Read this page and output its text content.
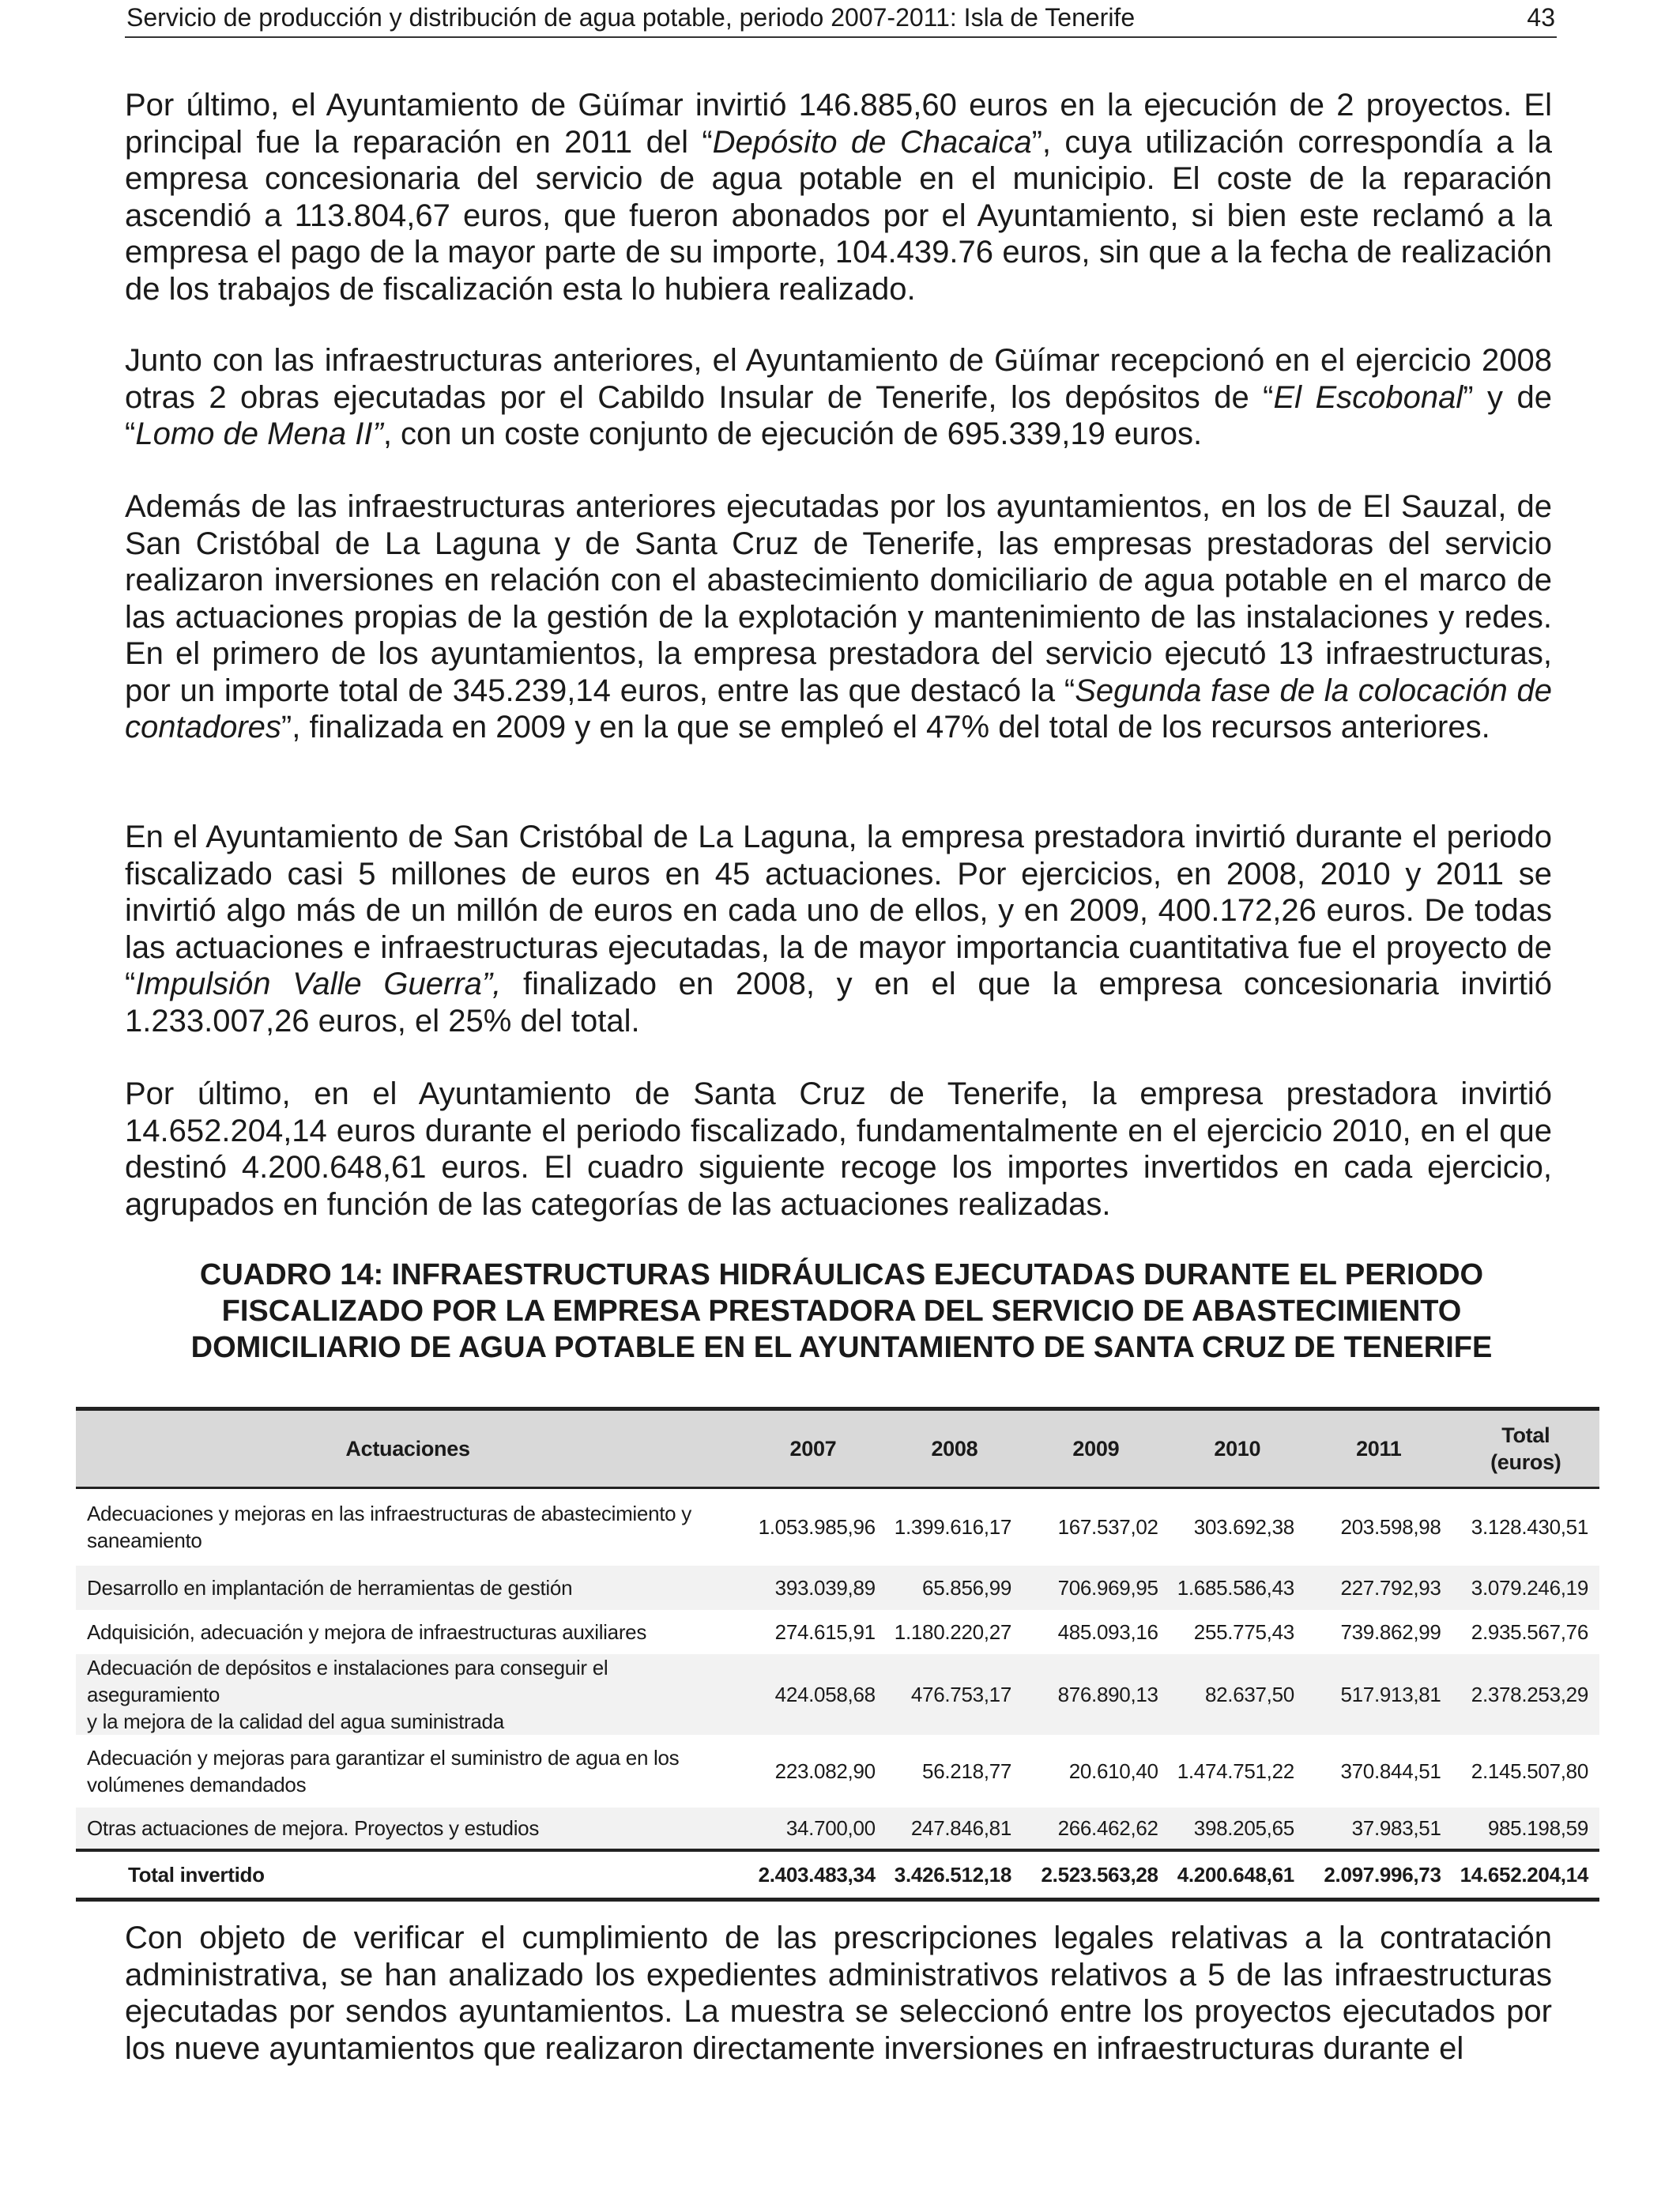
Servicio de producción y distribución de agua potable, periodo 2007-2011: Isla de Tenerife	43
Por último, el Ayuntamiento de Güímar invirtió 146.885,60 euros en la ejecución de 2 proyectos. El principal fue la reparación en 2011 del “Depósito de Chacaica”, cuya utilización correspondía a la empresa concesionaria del servicio de agua potable en el municipio. El coste de la reparación ascendió a 113.804,67 euros, que fueron abonados por el Ayuntamiento, si bien este reclamó a la empresa el pago de la mayor parte de su importe, 104.439.76 euros, sin que a la fecha de realización de los trabajos de fiscalización esta lo hubiera realizado.
Junto con las infraestructuras anteriores, el Ayuntamiento de Güímar recepcionó en el ejercicio 2008 otras 2 obras ejecutadas por el Cabildo Insular de Tenerife, los depósitos de “El Escobonal” y de “Lomo de Mena II”, con un coste conjunto de ejecución de 695.339,19 euros.
Además de las infraestructuras anteriores ejecutadas por los ayuntamientos, en los de El Sauzal, de San Cristóbal de La Laguna y de Santa Cruz de Tenerife, las empresas prestadoras del servicio realizaron inversiones en relación con el abastecimiento domiciliario de agua potable en el marco de las actuaciones propias de la gestión de la explotación y mantenimiento de las instalaciones y redes. En el primero de los ayuntamientos, la empresa prestadora del servicio ejecutó 13 infraestructuras, por un importe total de 345.239,14 euros, entre las que destacó la “Segunda fase de la colocación de contadores”, finalizada en 2009 y en la que se empleó el 47% del total de los recursos anteriores.
En el Ayuntamiento de San Cristóbal de La Laguna, la empresa prestadora invirtió durante el periodo fiscalizado casi 5 millones de euros en 45 actuaciones. Por ejercicios, en 2008, 2010 y 2011 se invirtió algo más de un millón de euros en cada uno de ellos, y en 2009, 400.172,26 euros. De todas las actuaciones e infraestructuras ejecutadas, la de mayor importancia cuantitativa fue el proyecto de “Impulsión Valle Guerra”, finalizado en 2008, y en el que la empresa concesionaria invirtió 1.233.007,26 euros, el 25% del total.
Por último, en el Ayuntamiento de Santa Cruz de Tenerife, la empresa prestadora invirtió 14.652.204,14 euros durante el periodo fiscalizado, fundamentalmente en el ejercicio 2010, en el que destinó 4.200.648,61 euros. El cuadro siguiente recoge los importes invertidos en cada ejercicio, agrupados en función de las categorías de las actuaciones realizadas.
CUADRO 14: INFRAESTRUCTURAS HIDRÁULICAS EJECUTADAS DURANTE EL PERIODO
FISCALIZADO POR LA EMPRESA PRESTADORA DEL SERVICIO DE ABASTECIMIENTO
DOMICILIARIO DE AGUA POTABLE EN EL AYUNTAMIENTO DE SANTA CRUZ DE TENERIFE
Actuaciones	2007	2008	2009	2010	2011	Total
(euros)

Adecuaciones y mejoras en las infraestructuras de abastecimiento y
saneamiento	1.053.985,96	1.399.616,17	167.537,02	303.692,38	203.598,98	3.128.430,51

Desarrollo en implantación de herramientas de gestión	393.039,89	65.856,99	706.969,95	1.685.586,43	227.792,93	3.079.246,19

Adquisición, adecuación y mejora de infraestructuras auxiliares	274.615,91	1.180.220,27	485.093,16	255.775,43	739.862,99	2.935.567,76

Adecuación de depósitos e instalaciones para conseguir el aseguramiento
y la mejora de la calidad del agua suministrada	424.058,68	476.753,17	876.890,13	82.637,50	517.913,81	2.378.253,29

Adecuación y mejoras para garantizar el suministro de agua en los
volúmenes demandados	223.082,90	56.218,77	20.610,40	1.474.751,22	370.844,51	2.145.507,80

Otras actuaciones de mejora. Proyectos y estudios	34.700,00	247.846,81	266.462,62	398.205,65	37.983,51	985.198,59
Total invertido	2.403.483,34	3.426.512,18	2.523.563,28	4.200.648,61	2.097.996,73	14.652.204,14
Con objeto de verificar el cumplimiento de las prescripciones legales relativas a la contratación administrativa, se han analizado los expedientes administrativos relativos a 5 de las infraestructuras ejecutadas por sendos ayuntamientos. La muestra se seleccionó entre los proyectos ejecutados por los nueve ayuntamientos que realizaron directamente inversiones en infraestructuras durante el
